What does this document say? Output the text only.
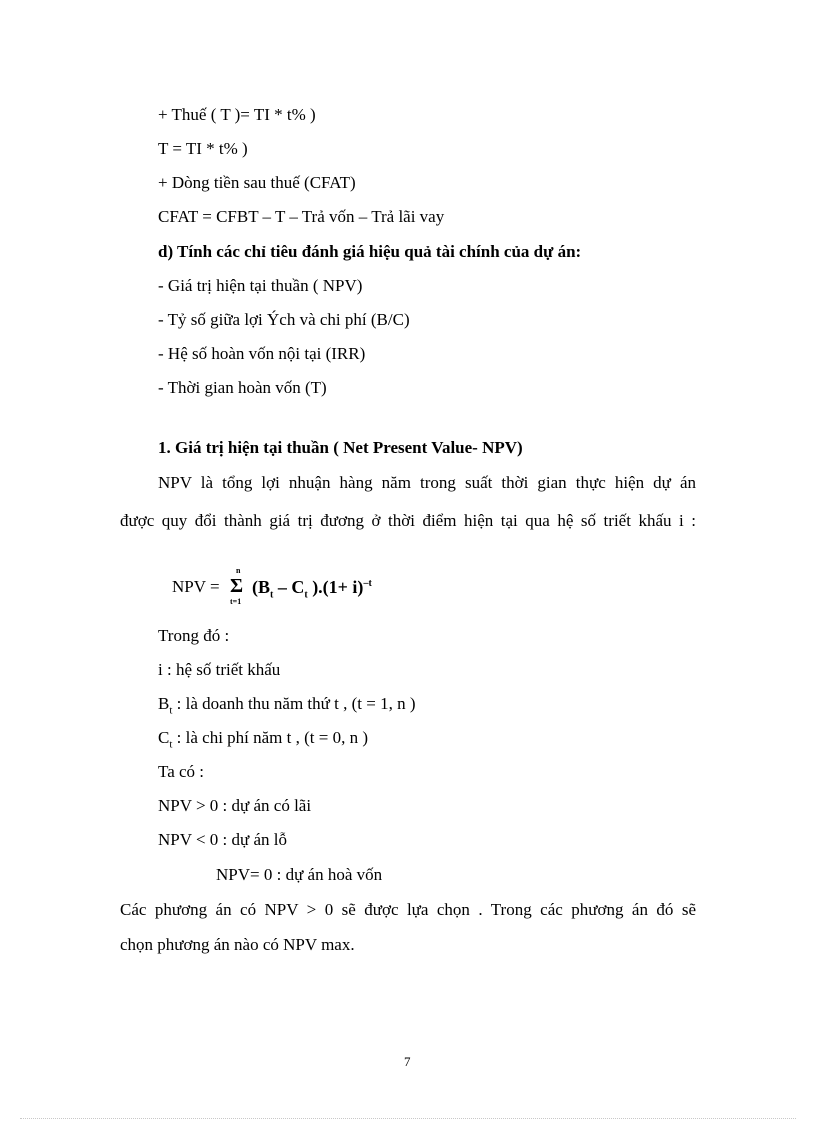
+ Thuế ( T )= TI * t% )
T = TI * t% )
+ Dòng tiền sau thuế (CFAT)
CFAT = CFBT – T – Trả vốn – Trả lãi vay
d) Tính các chỉ tiêu đánh giá hiệu quả tài chính của dự án:
- Giá trị hiện tại thuần ( NPV)
- Tỷ số giữa lợi Ých và chi phí (B/C)
- Hệ số hoàn vốn nội tại (IRR)
- Thời gian hoàn vốn (T)
1. Giá trị hiện tại thuần ( Net Present Value- NPV)
NPV là tổng lợi nhuận hàng năm trong suất thời gian thực hiện dự án
được quy đổi thành giá trị đương ở thời điểm hiện tại qua hệ số triết khấu i :
NPV =
n
Σ
t=1
($B_t - C_t$ )$.(1+ i)^{-t}$
Trong đó :
i : hệ số triết khấu
$B_t$ : là doanh thu năm thứ t , (t = 1, n )
$C_t$ : là chi phí năm t , (t = 0, n )
Ta có :
NPV > 0 : dự án có lãi
NPV < 0 : dự án lỗ
NPV= 0 : dự án hoà vốn
Các phương án có NPV > 0 sẽ được lựa chọn . Trong các phương án đó sẽ
chọn phương án nào có NPV max.
7
